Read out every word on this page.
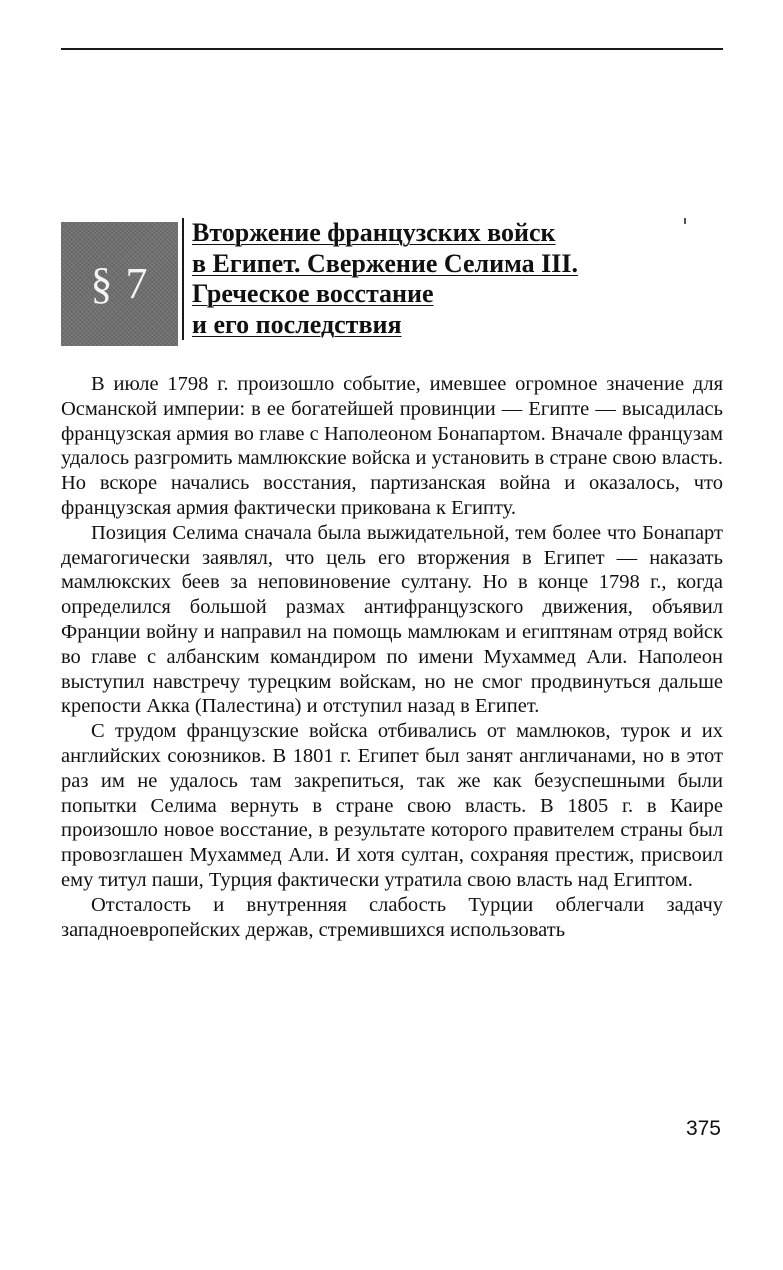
§ 7
Вторжение французских войск
в Египет. Свержение Селима III.
Греческое восстание
и его последствия

В июле 1798 г. произошло событие, имевшее огромное значение для Османской империи: в ее богатейшей провинции — Египте — высадилась французская армия во главе с Наполеоном Бонапартом. Вначале французам удалось разгромить мамлюкские войска и установить в стране свою власть. Но вскоре начались восстания, партизанская война и оказалось, что французская армия фактически прикована к Египту.

Позиция Селима сначала была выжидательной, тем более что Бонапарт демагогически заявлял, что цель его вторжения в Египет — наказать мамлюкских беев за неповиновение султану. Но в конце 1798 г., когда определился большой размах антифранцузского движения, объявил Франции войну и направил на помощь мамлюкам и египтянам отряд войск во главе с албанским командиром по имени Мухаммед Али. Наполеон выступил навстречу турецким войскам, но не смог продвинуться дальше крепости Акка (Палестина) и отступил назад в Египет.

С трудом французские войска отбивались от мамлюков, турок и их английских союзников. В 1801 г. Египет был занят англичанами, но в этот раз им не удалось там закрепиться, так же как безуспешными были попытки Селима вернуть в стране свою власть. В 1805 г. в Каире произошло новое восстание, в результате которого правителем страны был провозглашен Мухаммед Али. И хотя султан, сохраняя престиж, присвоил ему титул паши, Турция фактически утратила свою власть над Египтом.

Отсталость и внутренняя слабость Турции облегчали задачу западноевропейских держав, стремившихся использовать

375
